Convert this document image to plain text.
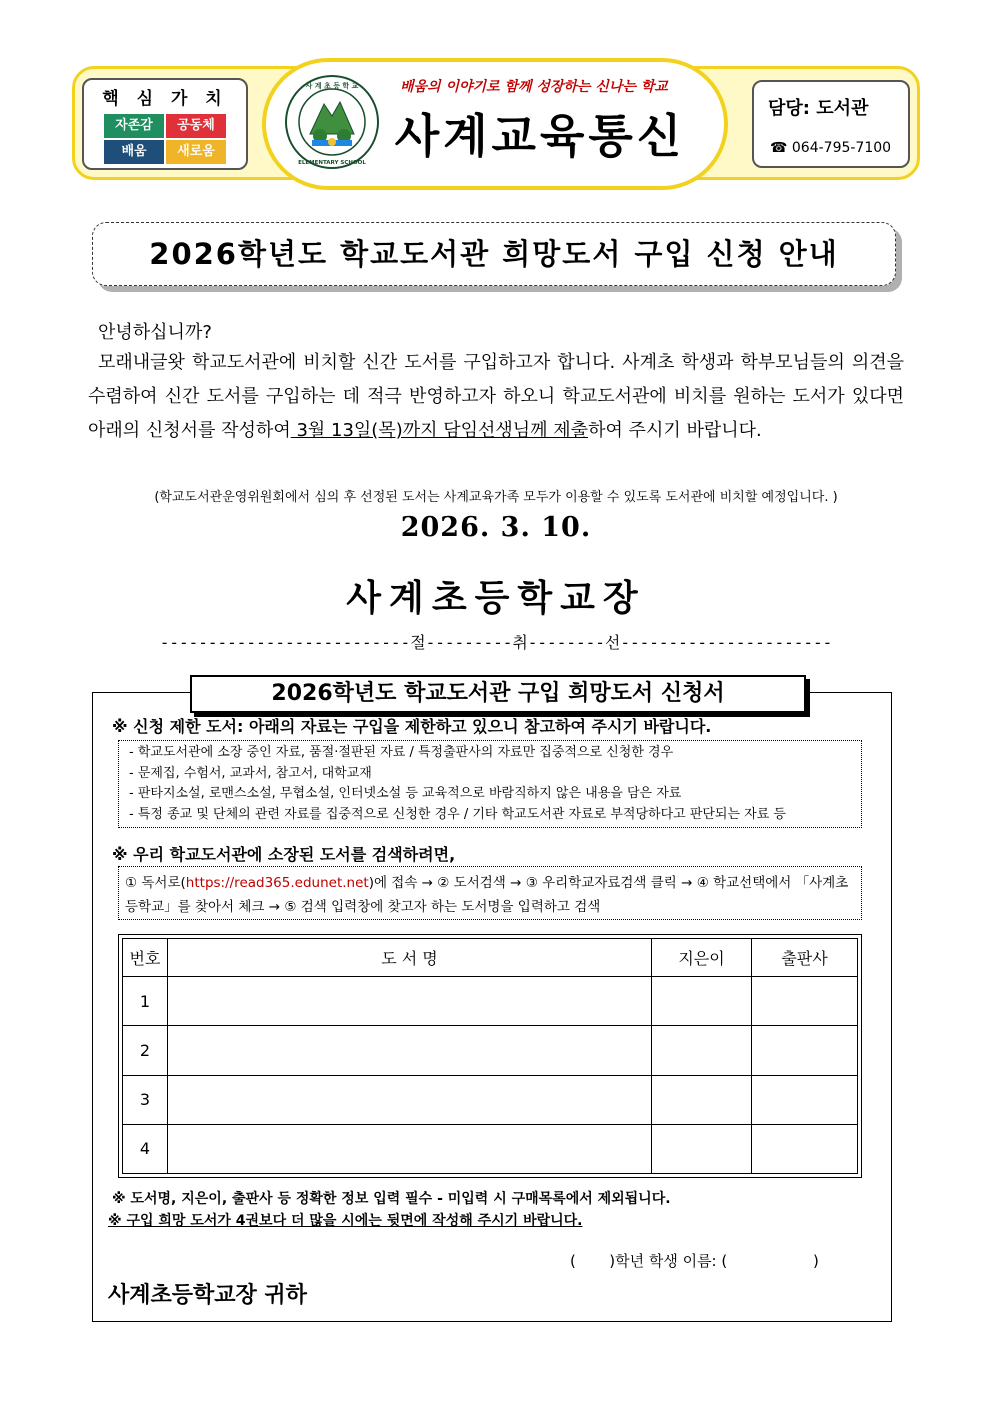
핵 심 가 치
자존감	공동체
배움	새로움
사 계 초 등 학 교
ELEMENTARY SCHOOL
배움의 이야기로 함께 성장하는 신나는 학교
사계교육통신
담당: 도서관
☎ 064-795-7100
2026학년도 학교도서관 희망도서 구입 신청 안내
안녕하십니까?
모래내글왓 학교도서관에 비치할 신간 도서를 구입하고자 합니다. 사계초 학생과 학부모님들의 의견을 수렴하여 신간 도서를 구입하는 데 적극 반영하고자 하오니 학교도서관에 비치를 원하는 도서가 있다면 아래의 신청서를 작성하여 3월 13일(목)까지 담임선생님께 제출하여 주시기 바랍니다.
(학교도서관운영위원회에서 심의 후 선정된 도서는 사계교육가족 모두가 이용할 수 있도록 도서관에 비치할 예정입니다. )
2026. 3. 10.
사계초등학교장
--------------------------절---------취--------선----------------------
2026학년도 학교도서관 구입 희망도서 신청서
※ 신청 제한 도서: 아래의 자료는 구입을 제한하고 있으니 참고하여 주시기 바랍니다.
- 학교도서관에 소장 중인 자료, 품절·절판된 자료 / 특정출판사의 자료만 집중적으로 신청한 경우
- 문제집, 수험서, 교과서, 참고서, 대학교재
- 판타지소설, 로맨스소설, 무협소설, 인터넷소설 등 교육적으로 바람직하지 않은 내용을 담은 자료
- 특정 종교 및 단체의 관련 자료를 집중적으로 신청한 경우 / 기타 학교도서관 자료로 부적당하다고 판단되는 자료 등
※ 우리 학교도서관에 소장된 도서를 검색하려면,
① 독서로(https://read365.edunet.net)에 접속 → ② 도서검색 → ③ 우리학교자료검색 클릭 → ④ 학교선택에서 「사계초등학교」를 찾아서 체크 → ⑤ 검색 입력창에 찾고자 하는 도서명을 입력하고 검색
번호	도 서 명	지은이	출판사
1			
2			
3			
4			
※ 도서명, 지은이, 출판사 등 정확한 정보 입력 필수 - 미입력 시 구매목록에서 제외됩니다.
※ 구입 희망 도서가 4권보다 더 많을 시에는 뒷면에 작성해 주시기 바랍니다.
(       )학년 학생 이름: (                  )
사계초등학교장 귀하
